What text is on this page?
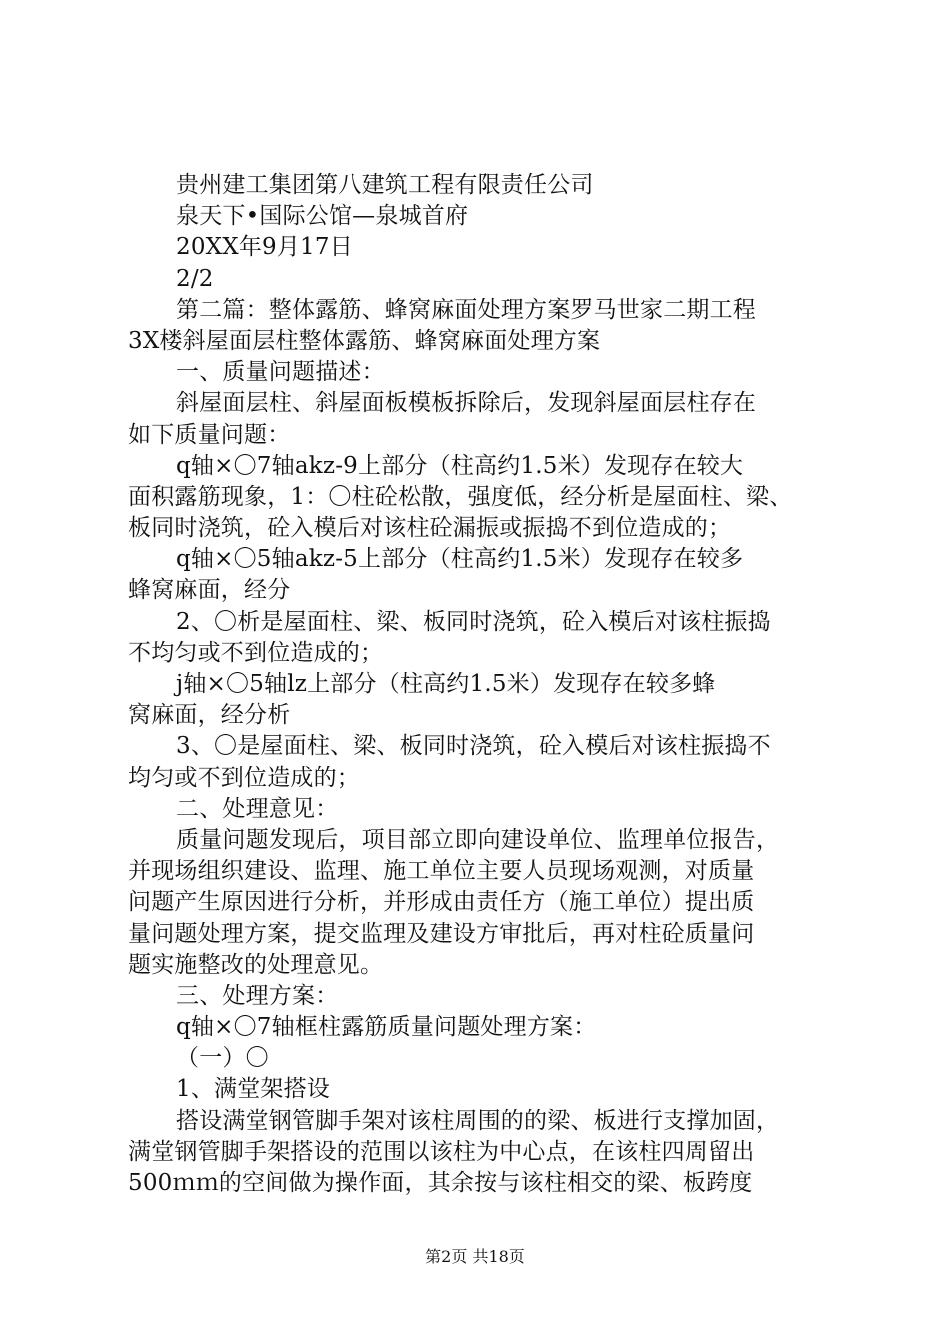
贵州建工集团第八建筑工程有限责任公司
泉天下•国际公馆—泉城首府
20XX年9月17日
2/2
第二篇：整体露筋、蜂窝麻面处理方案罗马世家二期工程
3X楼斜屋面层柱整体露筋、蜂窝麻面处理方案
一、质量问题描述：
斜屋面层柱、斜屋面板模板拆除后，发现斜屋面层柱存在
如下质量问题：
q轴×〇7轴akz-9上部分（柱高约1.5米）发现存在较大
面积露筋现象，1：〇柱砼松散，强度低，经分析是屋面柱、梁、
板同时浇筑，砼入模后对该柱砼漏振或振捣不到位造成的；
q轴×〇5轴akz-5上部分（柱高约1.5米）发现存在较多
蜂窝麻面，经分
2、〇析是屋面柱、梁、板同时浇筑，砼入模后对该柱振捣
不均匀或不到位造成的；
j轴×〇5轴lz上部分（柱高约1.5米）发现存在较多蜂
窝麻面，经分析
3、〇是屋面柱、梁、板同时浇筑，砼入模后对该柱振捣不
均匀或不到位造成的；
二、处理意见：
质量问题发现后，项目部立即向建设单位、监理单位报告，
并现场组织建设、监理、施工单位主要人员现场观测，对质量
问题产生原因进行分析，并形成由责任方（施工单位）提出质
量问题处理方案，提交监理及建设方审批后，再对柱砼质量问
题实施整改的处理意见。
三、处理方案：
q轴×〇7轴框柱露筋质量问题处理方案：
（一）〇
1、满堂架搭设
搭设满堂钢管脚手架对该柱周围的的梁、板进行支撑加固，
满堂钢管脚手架搭设的范围以该柱为中心点，在该柱四周留出
500ｍｍ的空间做为操作面，其余按与该柱相交的梁、板跨度
第2页 共18页
